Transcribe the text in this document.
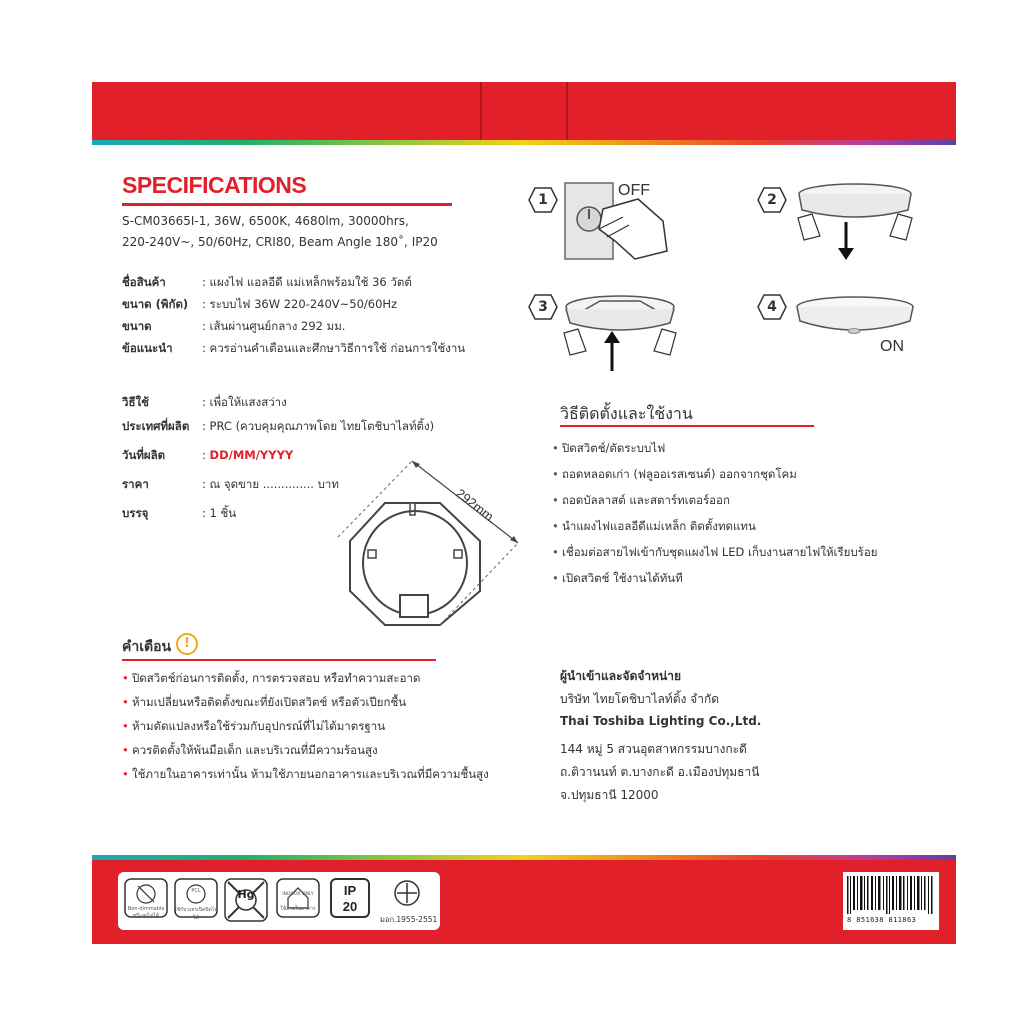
SPECIFICATIONS
S-CM03665I-1, 36W, 6500K, 4680lm, 30000hrs,
220-240V~, 50/60Hz, CRI80, Beam Angle 180˚, IP20
ชื่อสินค้า	: แผงไฟ แอลอีดี แม่เหล็กพร้อมใช้ 36 วัตต์
ขนาด (พิกัด) : ระบบไฟ 36W 220-240V~50/60Hz
ขนาด	: เส้นผ่านศูนย์กลาง 292 มม.
ข้อแนะนำ	: ควรอ่านคำเตือนและศึกษาวิธีการใช้ ก่อนการใช้งาน
วิธีใช้	: เพื่อให้แสงสว่าง
ประเทศที่ผลิต : PRC (ควบคุมคุณภาพโดย ไทยโตชิบาไลท์ติ้ง)
วันที่ผลิต	: DD/MM/YYYY
ราคา	: ณ จุดขาย .............. บาท
บรรจุ	: 1 ชิ้น	292mm.
1
OFF
2
3	4
ON
วิธีติดตั้งและใช้งาน
• ปิดสวิตช์/ตัดระบบไฟ
• ถอดหลอดเก่า (ฟลูออเรสเซนต์) ออกจากชุดโคม
• ถอดบัลลาสต์ และสตาร์ทเตอร์ออก
• นำแผงไฟแอลอีดีแม่เหล็ก ติดตั้งทดแทน
• เชื่อมต่อสายไฟเข้ากับชุดแผงไฟ LED เก็บงานสายไฟให้เรียบร้อย
• เปิดสวิตช์ ใช้งานได้ทันที
คำเตือน !
• ปิดสวิตช์ก่อนการติดตั้ง, การตรวจสอบ หรือทำความสะอาด
• ห้ามเปลี่ยนหรือติดตั้งขณะที่ยังเปิดสวิตช์ หรือตัวเปียกชื้น
• ห้ามดัดแปลงหรือใช้ร่วมกับอุปกรณ์ที่ไม่ได้มาตรฐาน
• ควรติดตั้งให้พ้นมือเด็ก และบริเวณที่มีความร้อนสูง
• ใช้ภายในอาคารเท่านั้น ห้ามใช้ภายนอกอาคารและบริเวณที่มีความชื้นสูง
ผู้นำเข้าและจัดจำหน่าย
บริษัท ไทยโตชิบาไลท์ติ้ง จำกัด
Thai Toshiba Lighting Co.,Ltd.
144 หมู่ 5 สวนอุตสาหกรรมบางกะดี
ถ.ติวานนท์ ต.บางกะดี อ.เมืองปทุมธานี
จ.ปทุมธานี 12000
Non-dimmable
หรี่แสงไม่ได้
PCL
ใช้กับวงจรเปิดปิดไฟได้
Hg	INDOOR ONLY
ใช้ภายในอาคาร
IP
20
มอก.1955-2551	8 851638 811863
